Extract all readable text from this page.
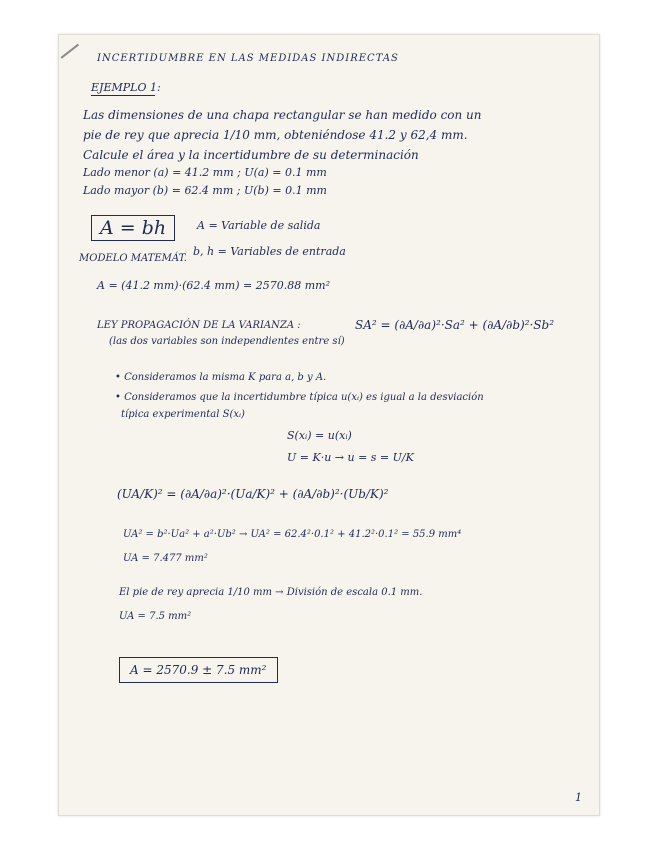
INCERTIDUMBRE EN LAS MEDIDAS INDIRECTAS
EJEMPLO 1:
Las dimensiones de una chapa rectangular se han medido con un
pie de rey que aprecia 1/10 mm, obteniéndose 41.2 y 62,4 mm.
Calcule el área y la incertidumbre de su determinación
Lado menor (a) = 41.2 mm ; U(a) = 0.1 mm
Lado mayor (b) = 62.4 mm ; U(b) = 0.1 mm
A = bh	A = Variable de salida
b, h = Variables de entrada
MODELO MATEMÁT.
A = (41.2 mm)·(62.4 mm) = 2570.88 mm²
LEY PROPAGACIÓN DE LA VARIANZA :	SA² = (∂A/∂a)²·Sa² + (∂A/∂b)²·Sb²
(las dos variables son independientes entre sí)
• Consideramos la misma K para a, b y A.
• Consideramos que la incertidumbre típica u(xᵢ) es igual a la desviación
típica experimental S(xᵢ)
S(xᵢ) = u(xᵢ)
U = K·u → u = s = U/K
(UA/K)² = (∂A/∂a)²·(Ua/K)² + (∂A/∂b)²·(Ub/K)²
UA² = b²·Ua² + a²·Ub² → UA² = 62.4²·0.1² + 41.2²·0.1² = 55.9 mm⁴
UA = 7.477 mm²
El pie de rey aprecia 1/10 mm → División de escala 0.1 mm.
UA = 7.5 mm²
A = 2570.9 ± 7.5 mm²
1
